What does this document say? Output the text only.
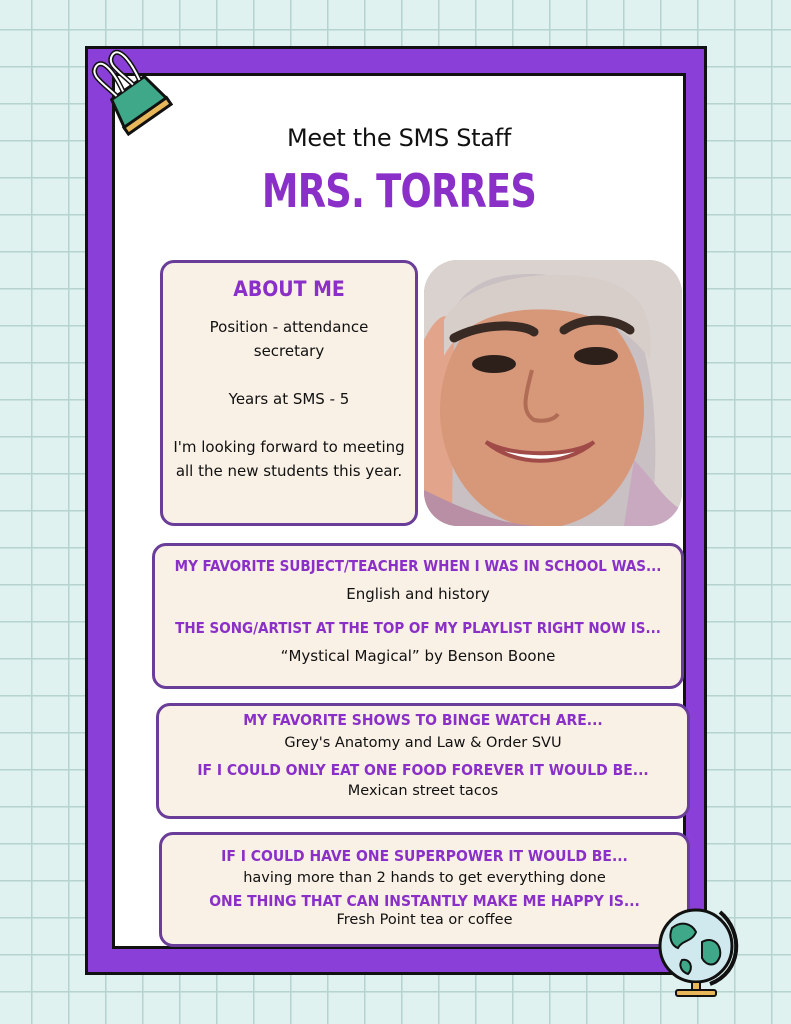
Meet the SMS Staff
MRS. TORRES
ABOUT ME

Position - attendance secretary

Years at SMS - 5

I'm looking forward to meeting all the new students this year.

MY FAVORITE SUBJECT/TEACHER WHEN I WAS IN SCHOOL WAS...
English and history
THE SONG/ARTIST AT THE TOP OF MY PLAYLIST RIGHT NOW IS...
“Mystical Magical” by Benson Boone
MY FAVORITE SHOWS TO BINGE WATCH ARE...
Grey's Anatomy and Law & Order SVU
IF I COULD ONLY EAT ONE FOOD FOREVER IT WOULD BE...
Mexican street tacos
IF I COULD HAVE ONE SUPERPOWER IT WOULD BE...
having more than 2 hands to get everything done
ONE THING THAT CAN INSTANTLY MAKE ME HAPPY IS...
Fresh Point tea or coffee
